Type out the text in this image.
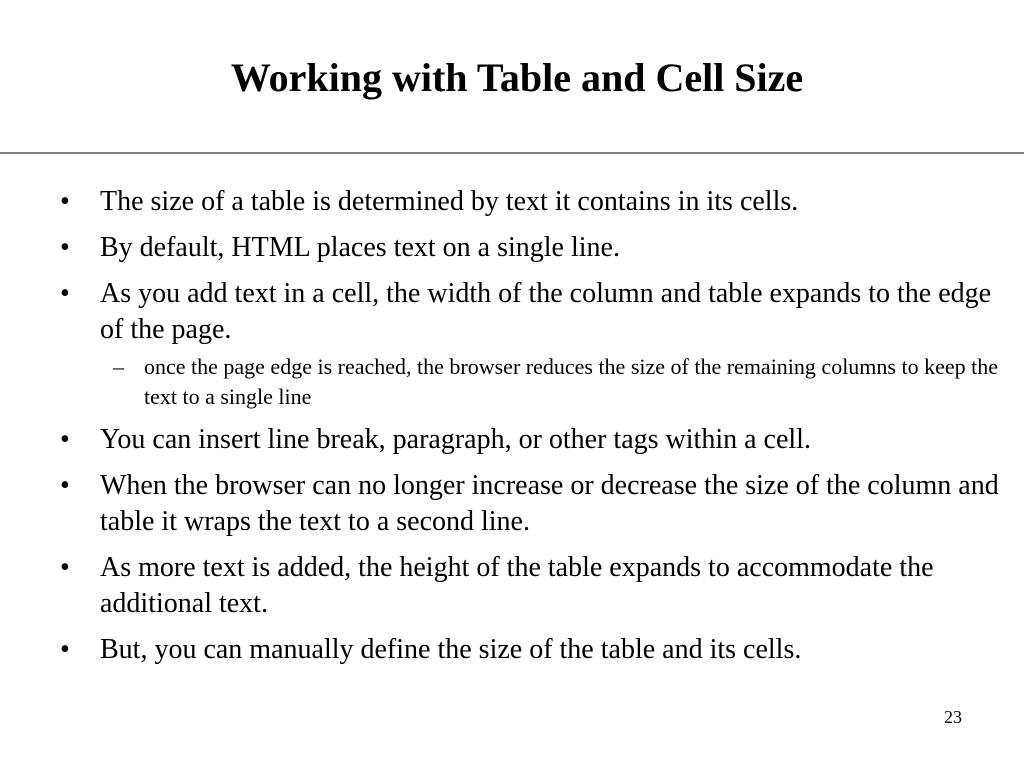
Working with Table and Cell Size
•	The size of a table is determined by text it contains in its cells.
•	By default, HTML places text on a single line.
•	As you add text in a cell, the width of the column and table expands to the edge of the page.
– once the page edge is reached, the browser reduces the size of the remaining columns to keep the text to a single line
•	You can insert line break, paragraph, or other tags within a cell.
•	When the browser can no longer increase or decrease the size of the column and table it wraps the text to a second line.
•	As more text is added, the height of the table expands to accommodate the additional text.
•	But, you can manually define the size of the table and its cells.
23
